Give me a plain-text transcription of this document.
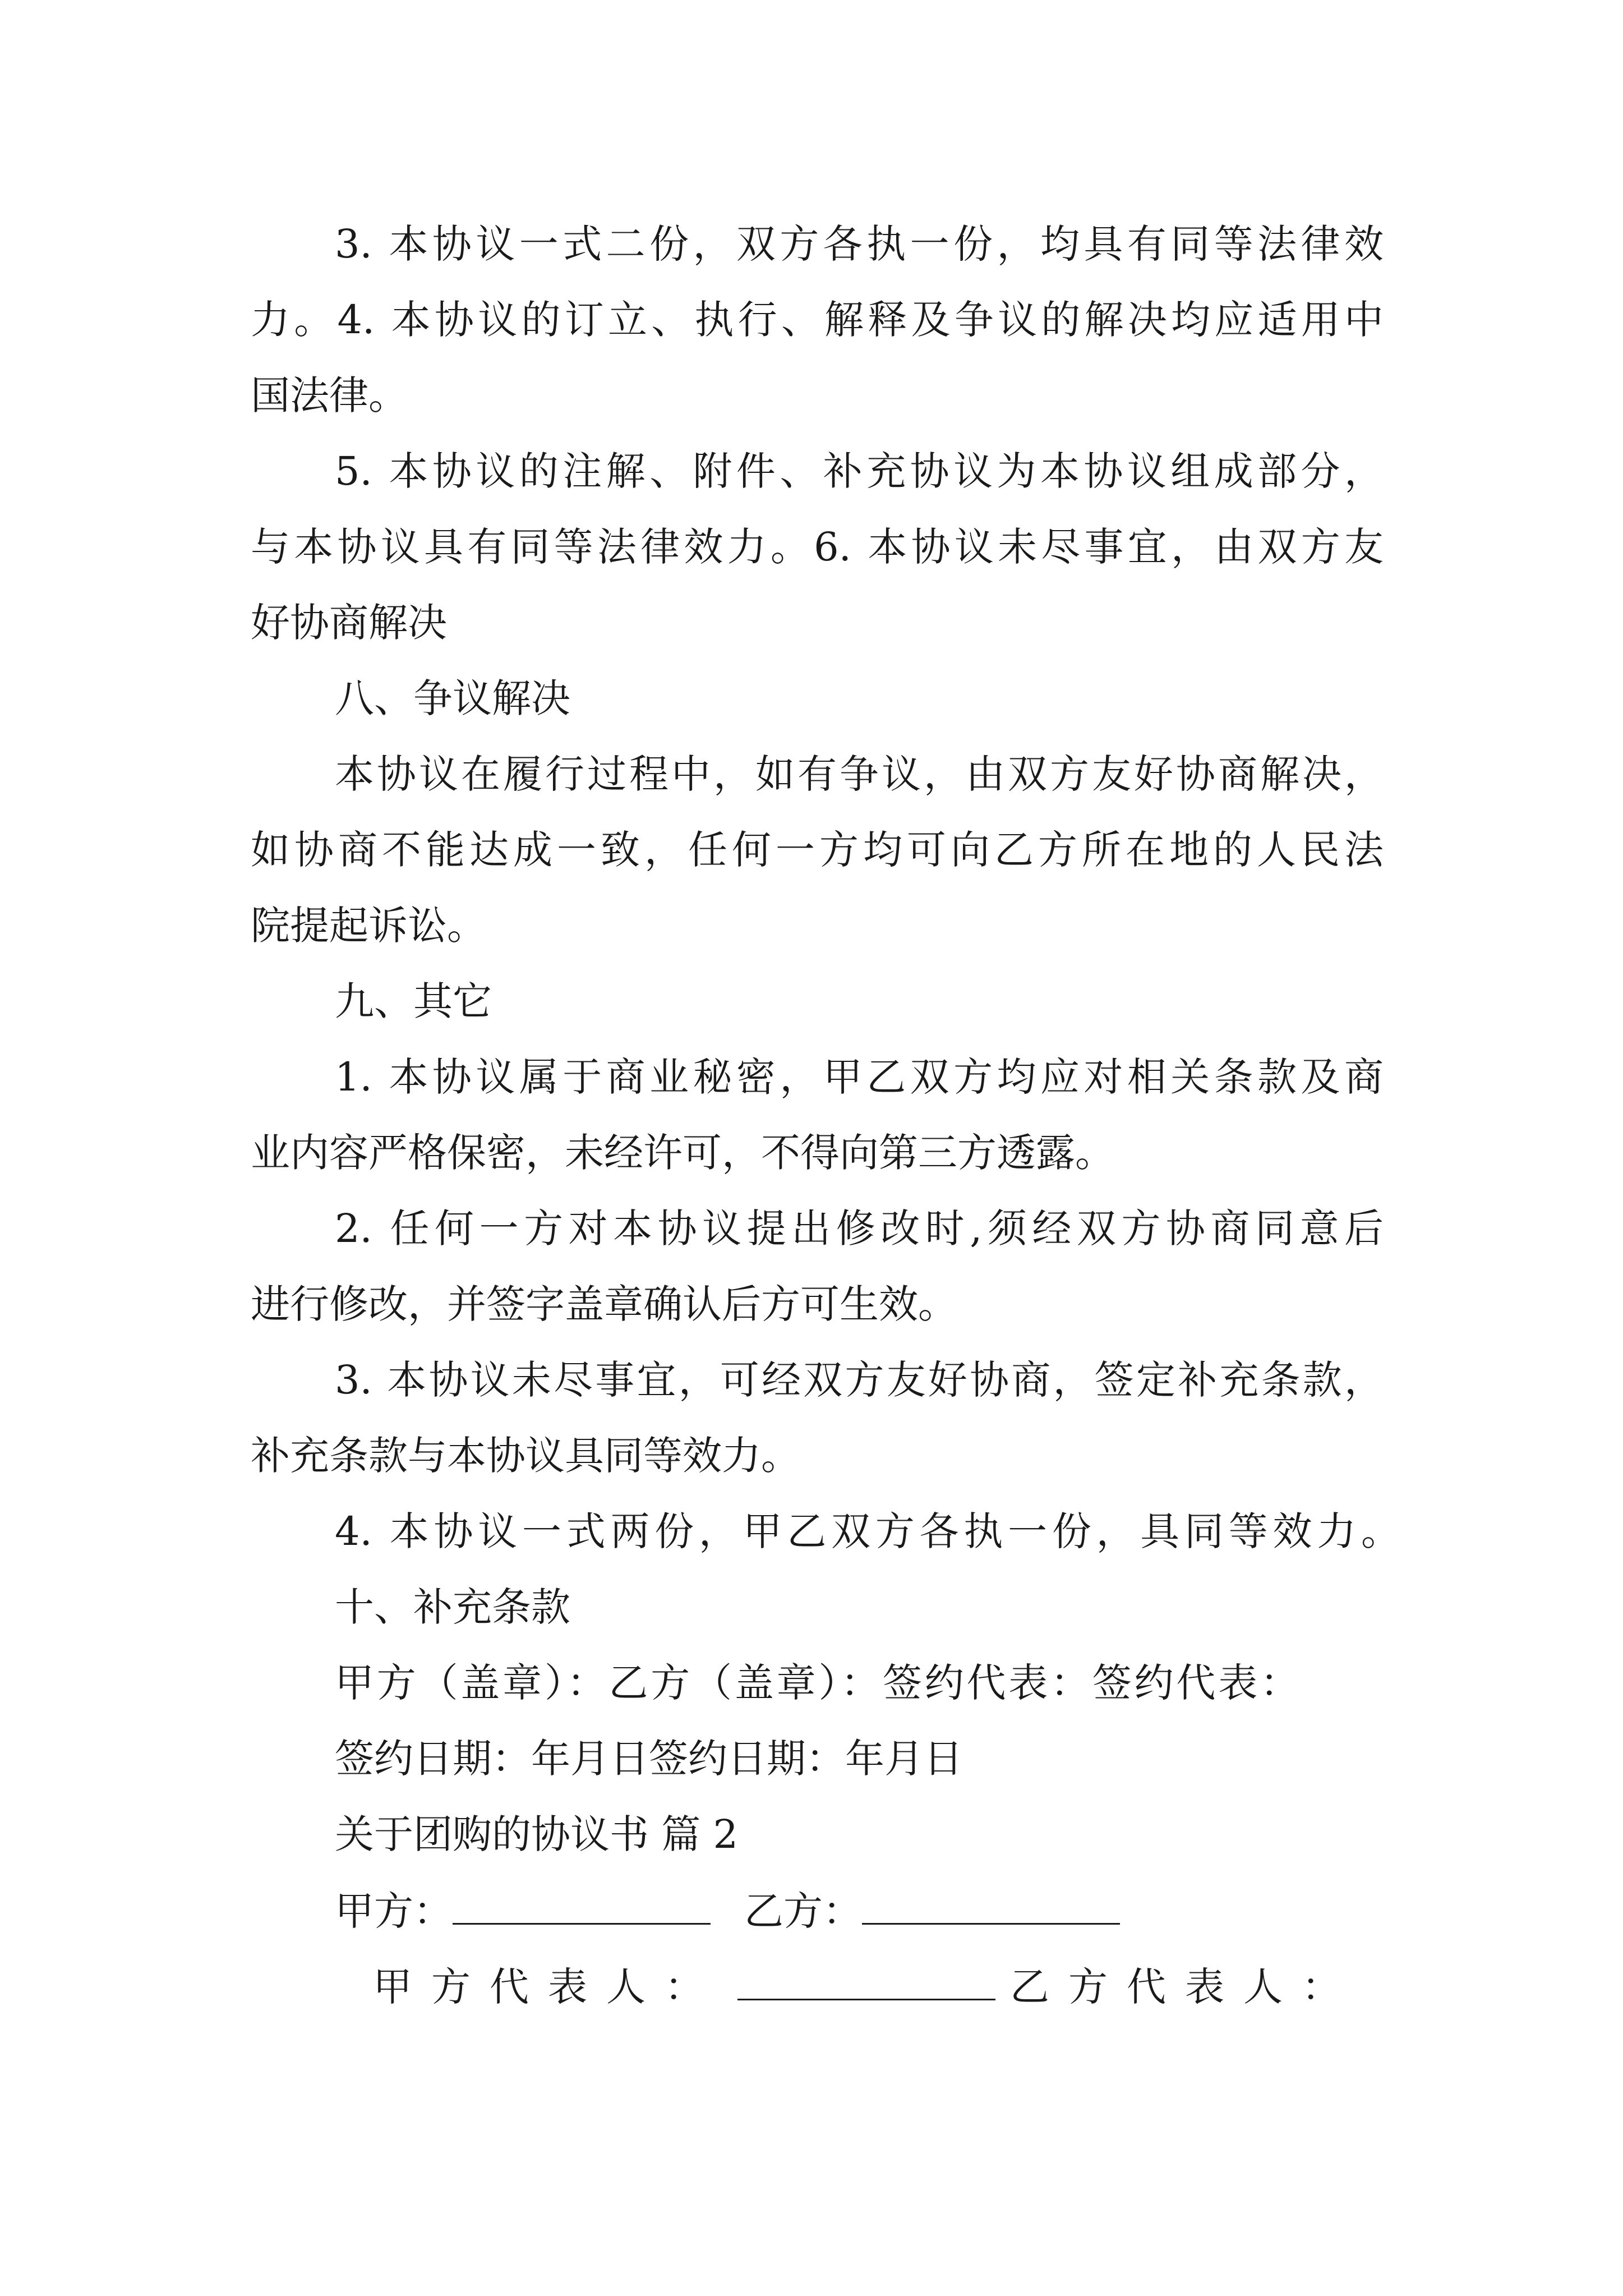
3. 本协议一式二份，双方各执一份，均具有同等法律效
力。4. 本协议的订立、执行、解释及争议的解决均应适用中
国法律。
5. 本协议的注解、附件、补充协议为本协议组成部分，
与本协议具有同等法律效力。6. 本协议未尽事宜，由双方友
好协商解决
八、争议解决
本协议在履行过程中，如有争议，由双方友好协商解决，
如协商不能达成一致，任何一方均可向乙方所在地的人民法
院提起诉讼。
九、其它
1. 本协议属于商业秘密，甲乙双方均应对相关条款及商
业内容严格保密，未经许可，不得向第三方透露。
2. 任何一方对本协议提出修改时,须经双方协商同意后
进行修改，并签字盖章确认后方可生效。
3. 本协议未尽事宜，可经双方友好协商，签定补充条款，
补充条款与本协议具同等效力。
4. 本协议一式两份，甲乙双方各执一份，具同等效力。
十、补充条款
甲方（盖章）：乙方（盖章）：签约代表：签约代表：
签约日期：年月日签约日期：年月日
关于团购的协议书 篇 2
甲方：	乙方：
甲方代表人：	乙方代表人：
